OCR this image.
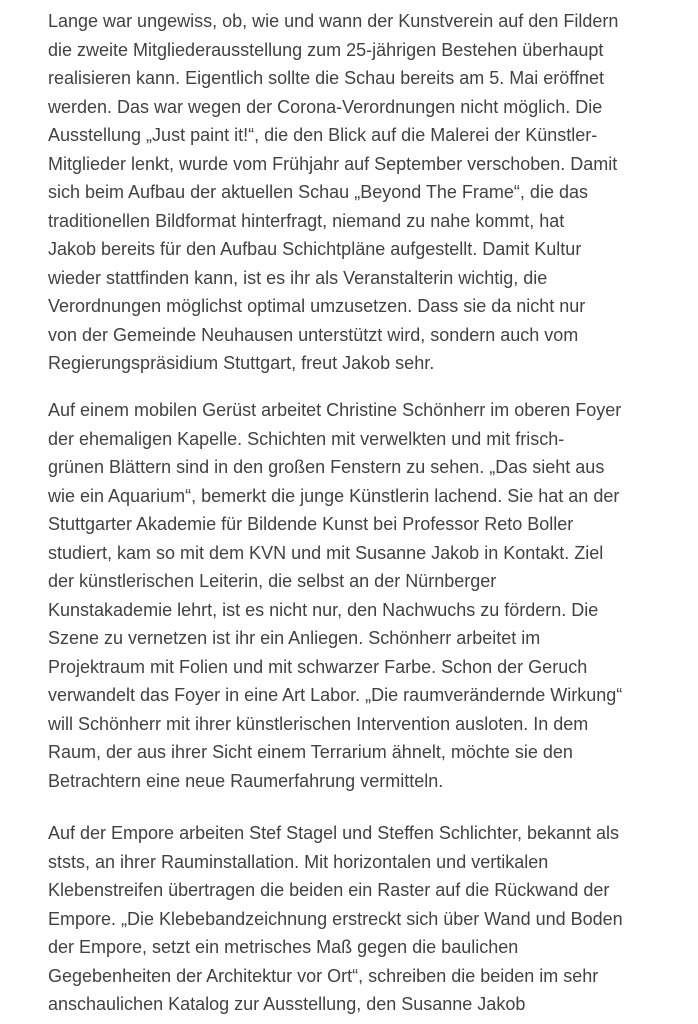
Lange war ungewiss, ob, wie und wann der Kunstverein auf den Fildern
die zweite Mitgliederausstellung zum 25-jährigen Bestehen überhaupt
realisieren kann. Eigentlich sollte die Schau bereits am 5. Mai eröffnet
werden. Das war wegen der Corona-Verordnungen nicht möglich. Die
Ausstellung „Just paint it!“, die den Blick auf die Malerei der Künstler-
Mitglieder lenkt, wurde vom Frühjahr auf September verschoben. Damit
sich beim Aufbau der aktuellen Schau „Beyond The Frame“, die das
traditionellen Bildformat hinterfragt, niemand zu nahe kommt, hat
Jakob bereits für den Aufbau Schichtpläne aufgestellt. Damit Kultur
wieder stattfinden kann, ist es ihr als Veranstalterin wichtig, die
Verordnungen möglichst optimal umzusetzen. Dass sie da nicht nur
von der Gemeinde Neuhausen unterstützt wird, sondern auch vom
Regierungspräsidium Stuttgart, freut Jakob sehr.

Auf einem mobilen Gerüst arbeitet Christine Schönherr im oberen Foyer
der ehemaligen Kapelle. Schichten mit verwelkten und mit frisch-
grünen Blättern sind in den großen Fenstern zu sehen. „Das sieht aus
wie ein Aquarium“, bemerkt die junge Künstlerin lachend. Sie hat an der
Stuttgarter Akademie für Bildende Kunst bei Professor Reto Boller
studiert, kam so mit dem KVN und mit Susanne Jakob in Kontakt. Ziel
der künstlerischen Leiterin, die selbst an der Nürnberger
Kunstakademie lehrt, ist es nicht nur, den Nachwuchs zu fördern. Die
Szene zu vernetzen ist ihr ein Anliegen. Schönherr arbeitet im
Projektraum mit Folien und mit schwarzer Farbe. Schon der Geruch
verwandelt das Foyer in eine Art Labor. „Die raumverändernde Wirkung“
will Schönherr mit ihrer künstlerischen Intervention ausloten. In dem
Raum, der aus ihrer Sicht einem Terrarium ähnelt, möchte sie den
Betrachtern eine neue Raumerfahrung vermitteln.

Auf der Empore arbeiten Stef Stagel und Steffen Schlichter, bekannt als
ststs, an ihrer Rauminstallation. Mit horizontalen und vertikalen
Klebenstreifen übertragen die beiden ein Raster auf die Rückwand der
Empore. „Die Klebebandzeichnung erstreckt sich über Wand und Boden
der Empore, setzt ein metrisches Maß gegen die baulichen
Gegebenheiten der Architektur vor Ort“, schreiben die beiden im sehr
anschaulichen Katalog zur Ausstellung, den Susanne Jakob
